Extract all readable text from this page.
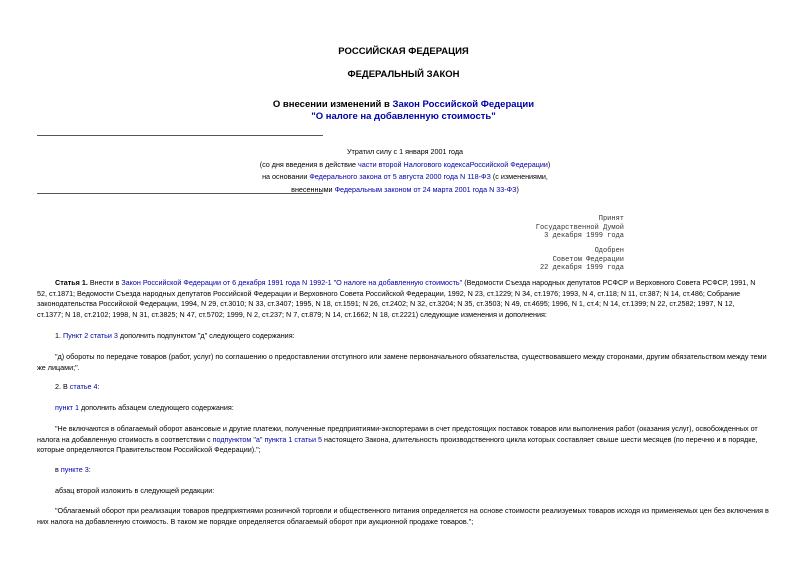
РОССИЙСКАЯ ФЕДЕРАЦИЯ
ФЕДЕРАЛЬНЫЙ ЗАКОН
О внесении изменений в Закон Российской Федерации
"О налоге на добавленную стоимость"
Утратил силу с 1 января 2001 года
(со дня введения в действие части второй Налогового кодексаРоссийской Федерации)
на основании Федерального закона от 5 августа 2000 года N 118-ФЗ (с изменениями,
внесенными Федеральным законом от 24 марта 2001 года N 33-ФЗ)
Принят
Государственной Думой
3 декабря 1999 года
Одобрен
Советом Федерации
22 декабря 1999 года
Статья 1. Внести в Закон Российской Федерации от 6 декабря 1991 года N 1992-1 "О налоге на добавленную стоимость" (Ведомости Съезда народных депутатов РСФСР и Верховного Совета РСФСР, 1991, N
52, ст.1871; Ведомости Съезда народных депутатов Российской Федерации и Верховного Совета Российской Федерации, 1992, N 23, ст.1229; N 34, ст.1976; 1993, N 4, ст.118; N 11, ст.387; N 14, ст.486; Собрание
законодательства Российской Федерации, 1994, N 29, ст.3010; N 33, ст.3407; 1995, N 18, ст.1591; N 26, ст.2402; N 32, ст.3204; N 35, ст.3503; N 49, ст.4695; 1996, N 1, ст.4; N 14, ст.1399; N 22, ст.2582; 1997, N 12,
ст.1377; N 18, ст.2102; 1998, N 31, ст.3825; N 47, ст.5702; 1999, N 2, ст.237; N 7, ст.879; N 14, ст.1662; N 18, ст.2221) следующие изменения и дополнения:
1. Пункт 2 статьи 3 дополнить подпунктом "д" следующего содержания:
"д) обороты по передаче товаров (работ, услуг) по соглашению о предоставлении отступного или замене первоначального обязательства, существовавшего между сторонами, другим обязательством между теми
же лицами;".
2. В статье 4:
пункт 1 дополнить абзацем следующего содержания:
"Не включаются в облагаемый оборот авансовые и другие платежи, полученные предприятиями-экспортерами в счет предстоящих поставок товаров или выполнения работ (оказания услуг), освобожденных от
налога на добавленную стоимость в соответствии с подпунктом "а" пункта 1 статьи 5 настоящего Закона, длительность производственного цикла которых составляет свыше шести месяцев (по перечню и в порядке,
которые определяются Правительством Российской Федерации).";
в пункте 3:
абзац второй изложить в следующей редакции:
"Облагаемый оборот при реализации товаров предприятиями розничной торговли и общественного питания определяется на основе стоимости реализуемых товаров исходя из применяемых цен без включения в
них налога на добавленную стоимость. В таком же порядке определяется облагаемый оборот при аукционной продаже товаров.";
